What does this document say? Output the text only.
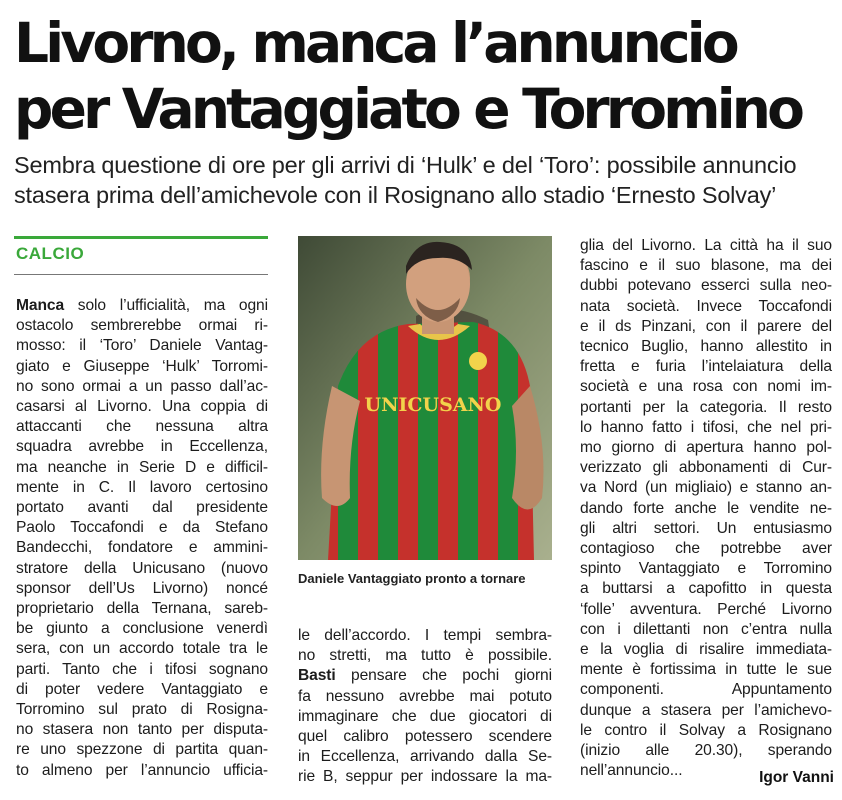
Livorno, manca l’annuncio
per Vantaggiato e Torromino

Sembra questione di ore per gli arrivi di ‘Hulk’ e del ‘Toro’: possibile annuncio
stasera prima dell’amichevole con il Rosignano allo stadio ‘Ernesto Solvay’

CALCIO
Manca solo l’ufficialità, ma ogni
ostacolo sembrerebbe ormai ri-
mosso: il ‘Toro’ Daniele Vantag-
giato e Giuseppe ‘Hulk’ Torromi-
no sono ormai a un passo dall’ac-
casarsi al Livorno. Una coppia di
attaccanti che nessuna altra
squadra avrebbe in Eccellenza,
ma neanche in Serie D e difficil-
mente in C. Il lavoro certosino
portato avanti dal presidente
Paolo Toccafondi e da Stefano
Bandecchi, fondatore e ammini-
stratore della Unicusano (nuovo
sponsor dell’Us Livorno) noncé
proprietario della Ternana, sareb-
be giunto a conclusione venerdì
sera, con un accordo totale tra le
parti. Tanto che i tifosi sognano
di poter vedere Vantaggiato e
Torromino sul prato di Rosigna-
no stasera non tanto per disputa-
re uno spezzone di partita quan-
to almeno per l’annuncio ufficia-
UNICUSANO
Daniele Vantaggiato pronto a tornare
le dell’accordo. I tempi sembra-
no stretti, ma tutto è possibile.
Basti pensare che pochi giorni
fa nessuno avrebbe mai potuto
immaginare che due giocatori di
quel calibro potessero scendere
in Eccellenza, arrivando dalla Se-
rie B, seppur per indossare la ma-
glia del Livorno. La città ha il suo
fascino e il suo blasone, ma dei
dubbi potevano esserci sulla neo-
nata società. Invece Toccafondi
e il ds Pinzani, con il parere del
tecnico Buglio, hanno allestito in
fretta e furia l’intelaiatura della
società e una rosa con nomi im-
portanti per la categoria. Il resto
lo hanno fatto i tifosi, che nel pri-
mo giorno di apertura hanno pol-
verizzato gli abbonamenti di Cur-
va Nord (un migliaio) e stanno an-
dando forte anche le vendite ne-
gli altri settori. Un entusiasmo
contagioso che potrebbe aver
spinto Vantaggiato e Torromino
a buttarsi a capofitto in questa
‘folle’ avventura. Perché Livorno
con i dilettanti non c’entra nulla
e la voglia di risalire immediata-
mente è fortissima in tutte le sue
componenti. Appuntamento
dunque a stasera per l’amichevo-
le contro il Solvay a Rosignano
(inizio alle 20.30), sperando
nell’annuncio...	Igor Vanni
